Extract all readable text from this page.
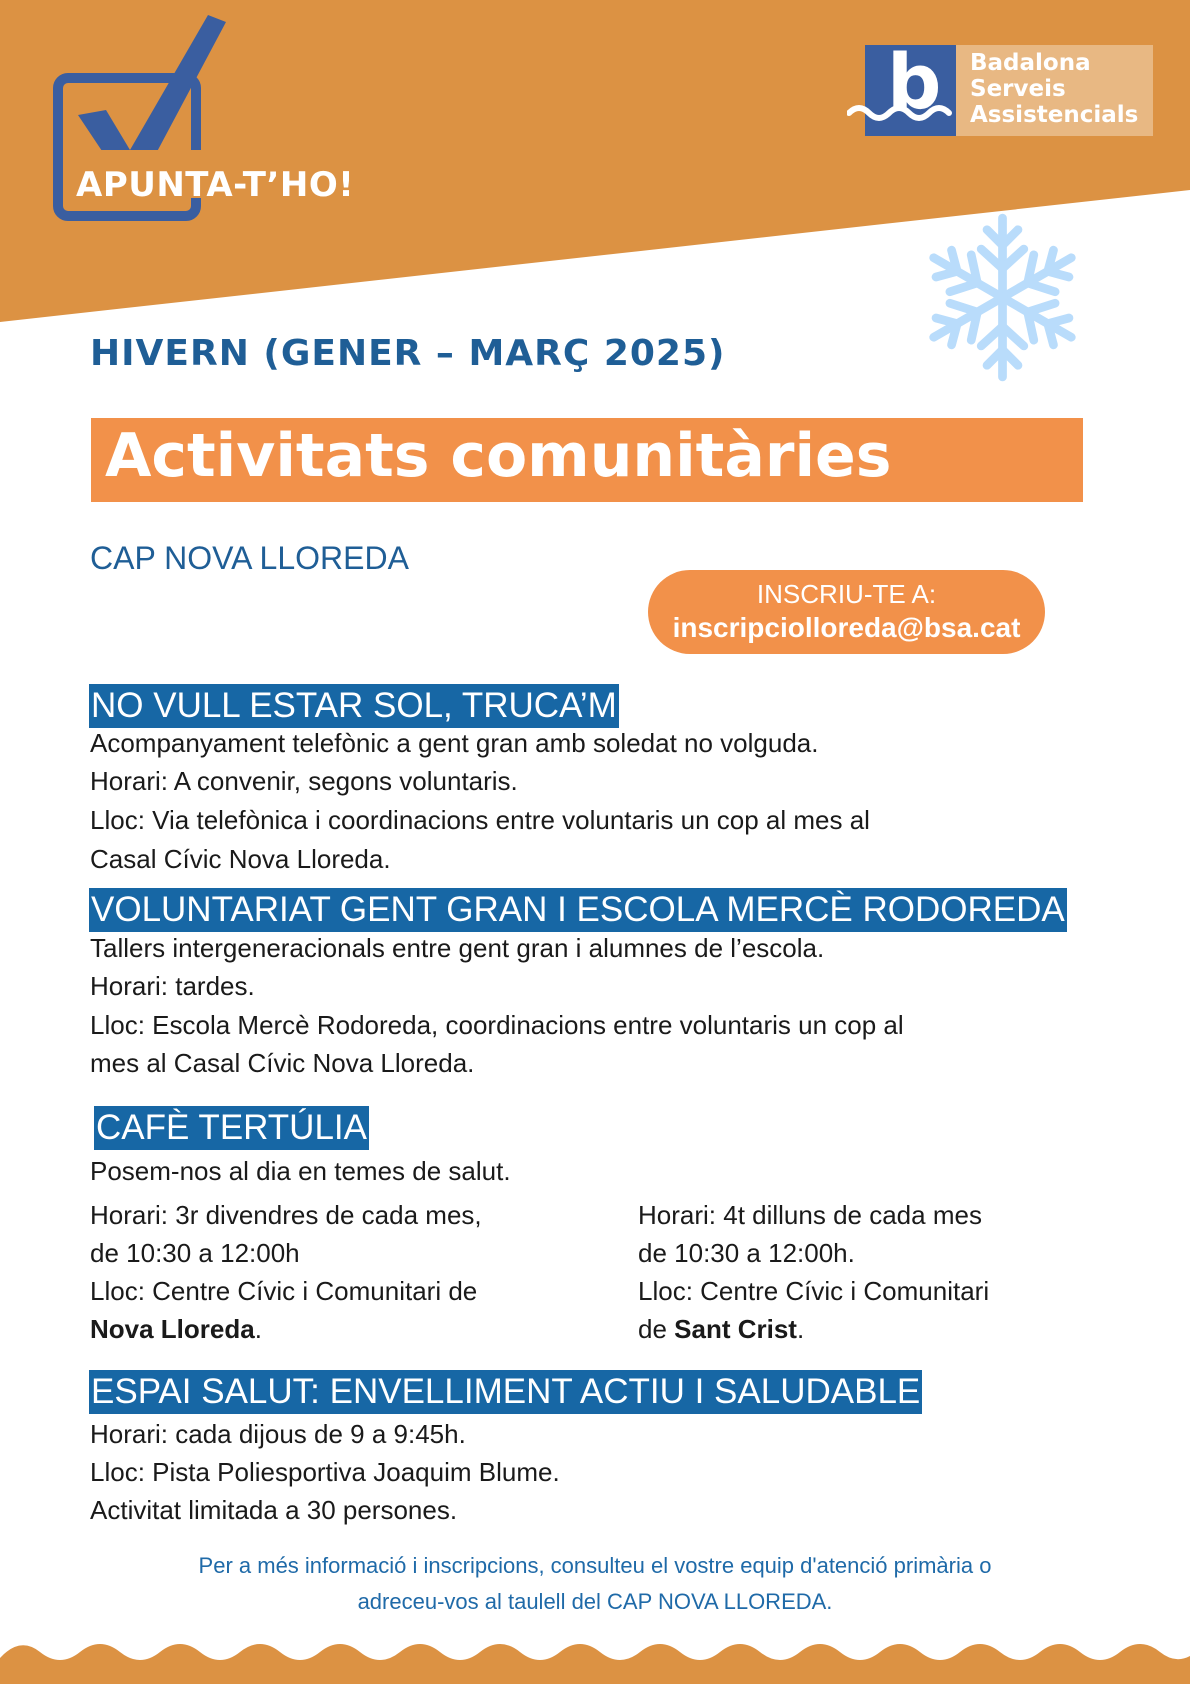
APUNTA-T’HO!
b Badalona
Serveis
Assistencials
HIVERN (GENER – MARÇ 2025)
Activitats comunitàries
CAP NOVA LLOREDA
INSCRIU-TE A:
inscripciolloreda@bsa.cat
NO VULL ESTAR SOL, TRUCA’M
Acompanyament telefònic a gent gran amb soledat no volguda.
Horari: A convenir, segons voluntaris.
Lloc: Via telefònica i coordinacions entre voluntaris un cop al mes al
Casal Cívic Nova Lloreda.
VOLUNTARIAT GENT GRAN I ESCOLA MERCÈ RODOREDA
Tallers intergeneracionals entre gent gran i alumnes de l’escola.
Horari: tardes.
Lloc: Escola Mercè Rodoreda, coordinacions entre voluntaris un cop al
mes al Casal Cívic Nova Lloreda.
CAFÈ TERTÚLIA
Posem-nos al dia en temes de salut.
Horari: 3r divendres de cada mes,
de 10:30 a 12:00h
Lloc: Centre Cívic i Comunitari de
Nova Lloreda.
Horari: 4t dilluns de cada mes
de 10:30 a 12:00h.
Lloc: Centre Cívic i Comunitari
de Sant Crist.
ESPAI SALUT: ENVELLIMENT ACTIU I SALUDABLE
Horari: cada dijous de 9 a 9:45h.
Lloc: Pista Poliesportiva Joaquim Blume.
Activitat limitada a 30 persones.
Per a més informació i inscripcions, consulteu el vostre equip d'atenció primària o
adreceu-vos al taulell del CAP NOVA LLOREDA.
